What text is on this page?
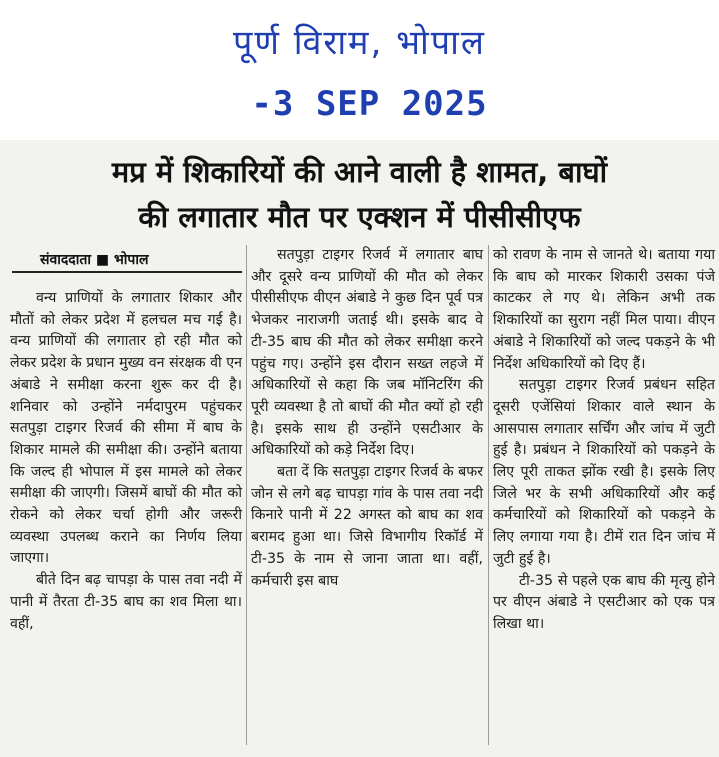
पूर्ण विराम, भोपाल
-3 SEP 2025
मप्र में शिकारियों की आने वाली है शामत, बाघों
की लगातार मौत पर एक्शन में पीसीसीएफ
संवाददाता ■ भोपाल

वन्य प्राणियों के लगातार शिकार और मौतों को लेकर प्रदेश में हलचल मच गई है। वन्य प्राणियों की लगातार हो रही मौत को लेकर प्रदेश के प्रधान मुख्य वन संरक्षक वी एन अंबाडे ने समीक्षा करना शुरू कर दी है। शनिवार को उन्होंने नर्मदापुरम पहुंचकर सतपुड़ा टाइगर रिजर्व की सीमा में बाघ के शिकार मामले की समीक्षा की। उन्होंने बताया कि जल्द ही भोपाल में इस मामले को लेकर समीक्षा की जाएगी। जिसमें बाघों की मौत को रोकने को लेकर चर्चा होगी और जरूरी व्यवस्था उपलब्ध कराने का निर्णय लिया जाएगा।

बीते दिन बढ़ चापड़ा के पास तवा नदी में पानी में तैरता टी-35 बाघ का शव मिला था। वहीं,

सतपुड़ा टाइगर रिजर्व में लगातार बाघ और दूसरे वन्य प्राणियों की मौत को लेकर पीसीसीएफ वीएन अंबाडे ने कुछ दिन पूर्व पत्र भेजकर नाराजगी जताई थी। इसके बाद वे टी-35 बाघ की मौत को लेकर समीक्षा करने पहुंच गए। उन्होंने इस दौरान सख्त लहजे में अधिकारियों से कहा कि जब मॉनिटरिंग की पूरी व्यवस्था है तो बाघों की मौत क्यों हो रही है। इसके साथ ही उन्होंने एसटीआर के अधिकारियों को कड़े निर्देश दिए।

बता दें कि सतपुड़ा टाइगर रिजर्व के बफर जोन से लगे बढ़ चापड़ा गांव के पास तवा नदी किनारे पानी में 22 अगस्त को बाघ का शव बरामद हुआ था। जिसे विभागीय रिकॉर्ड में टी-35 के नाम से जाना जाता था। वहीं, कर्मचारी इस बाघ

को रावण के नाम से जानते थे। बताया गया कि बाघ को मारकर शिकारी उसका पंजे काटकर ले गए थे। लेकिन अभी तक शिकारियों का सुराग नहीं मिल पाया। वीएन अंबाडे ने शिकारियों को जल्द पकड़ने के भी निर्देश अधिकारियों को दिए हैं।

सतपुड़ा टाइगर रिजर्व प्रबंधन सहित दूसरी एजेंसियां शिकार वाले स्थान के आसपास लगातार सर्चिंग और जांच में जुटी हुई है। प्रबंधन ने शिकारियों को पकड़ने के लिए पूरी ताकत झोंक रखी है। इसके लिए जिले भर के सभी अधिकारियों और कई कर्मचारियों को शिकारियों को पकड़ने के लिए लगाया गया है। टीमें रात दिन जांच में जुटी हुई है।

टी-35 से पहले एक बाघ की मृत्यु होने पर वीएन अंबाडे ने एसटीआर को एक पत्र लिखा था।
